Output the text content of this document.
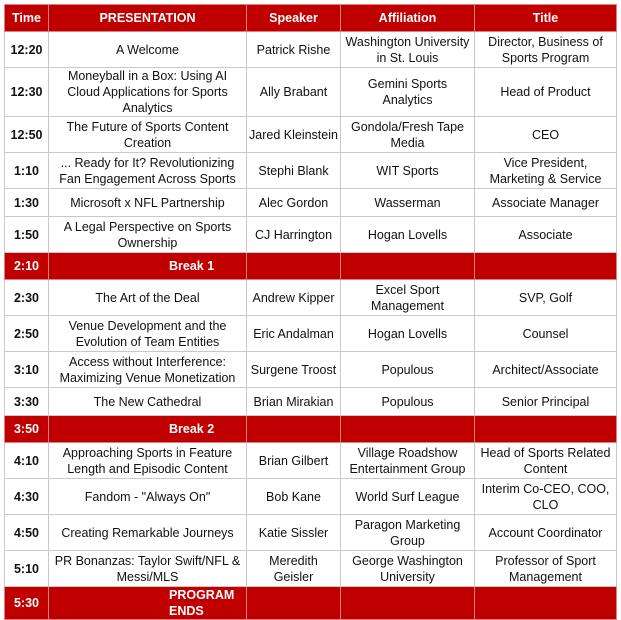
Time	PRESENTATION	Speaker	Affiliation	Title
12:20	A Welcome	Patrick Rishe	Washington University in St. Louis	Director, Business of Sports Program
12:30	Moneyball in a Box: Using AI Cloud Applications for Sports Analytics	Ally Brabant	Gemini Sports Analytics	Head of Product
12:50	The Future of Sports Content Creation	Jared Kleinstein	Gondola/Fresh Tape Media	CEO
1:10	... Ready for It? Revolutionizing Fan Engagement Across Sports	Stephi Blank	WIT Sports	Vice President, Marketing & Service
1:30	Microsoft x NFL Partnership	Alec Gordon	Wasserman	Associate Manager
1:50	A Legal Perspective on Sports Ownership	CJ Harrington	Hogan Lovells	Associate
2:10	Break 1			
2:30	The Art of the Deal	Andrew Kipper	Excel Sport Management	SVP, Golf
2:50	Venue Development and the Evolution of Team Entities	Eric Andalman	Hogan Lovells	Counsel
3:10	Access without Interference: Maximizing Venue Monetization	Surgene Troost	Populous	Architect/Associate
3:30	The New Cathedral	Brian Mirakian	Populous	Senior Principal
3:50	Break 2			
4:10	Approaching Sports in Feature Length and Episodic Content	Brian Gilbert	Village Roadshow Entertainment Group	Head of Sports Related Content
4:30	Fandom - "Always On"	Bob Kane	World Surf League	Interim Co-CEO, COO, CLO
4:50	Creating Remarkable Journeys	Katie Sissler	Paragon Marketing Group	Account Coordinator
5:10	PR Bonanzas: Taylor Swift/NFL & Messi/MLS	Meredith Geisler	George Washington University	Professor of Sport Management
5:30	PROGRAM ENDS			
